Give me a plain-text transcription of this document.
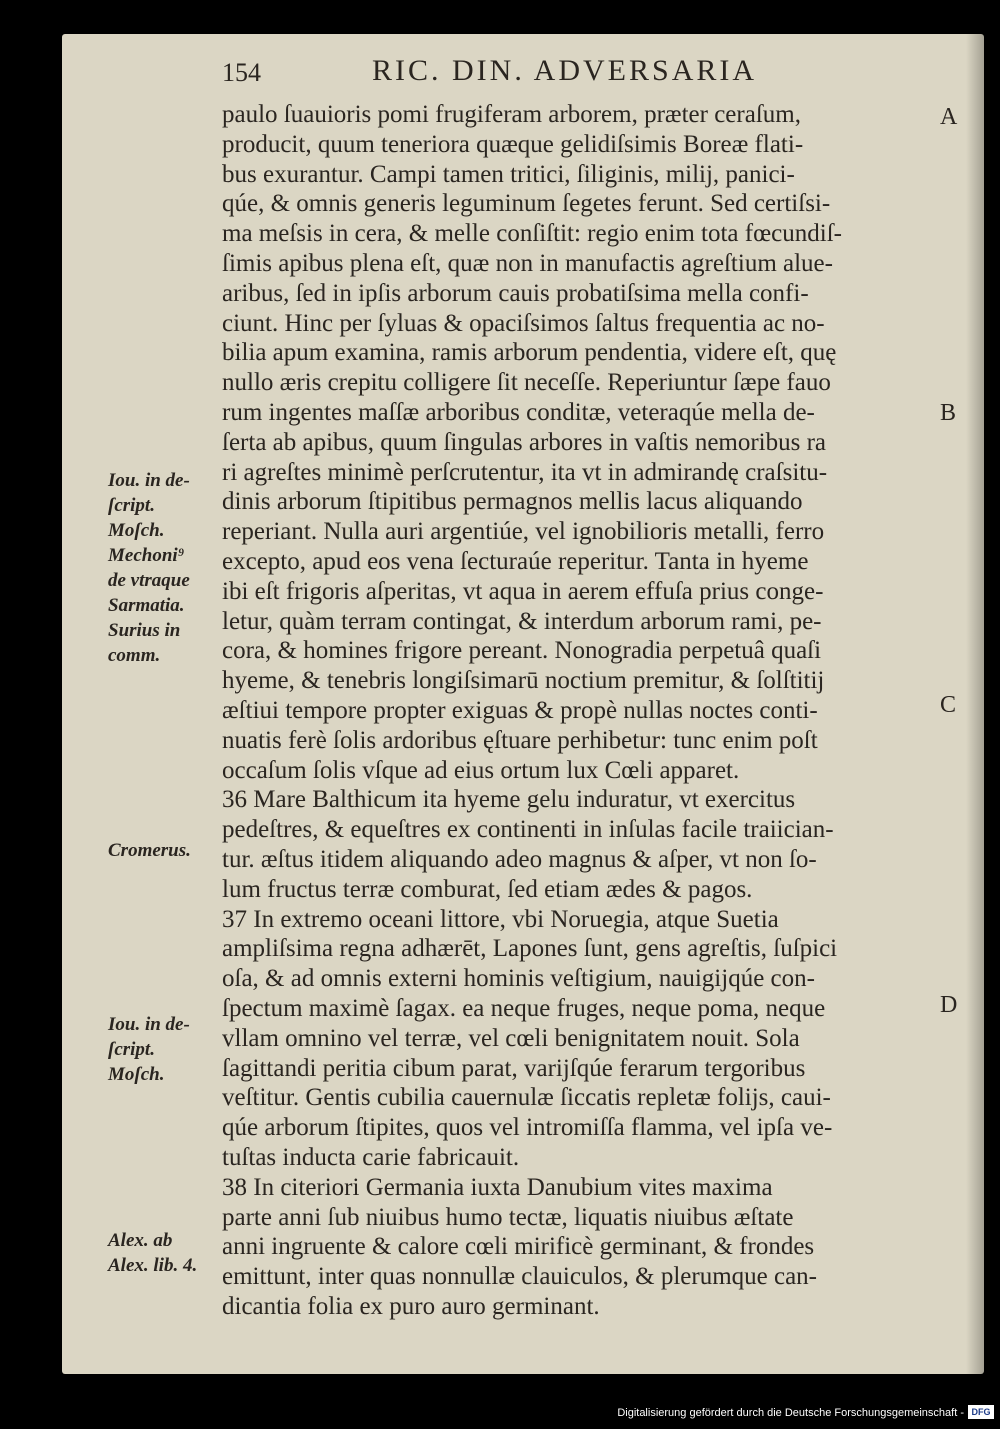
154	RIC. DIN. ADVERSARIA
paulo ſuauioris pomi frugiferam arborem, præter ceraſum,
producit, quum teneriora quæque gelidiſsimis Boreæ flati-
bus exurantur. Campi tamen tritici, ſiliginis, milij, panici-
qúe, & omnis generis leguminum ſegetes ferunt. Sed certiſsi-
ma meſsis in cera, & melle conſiſtit: regio enim tota fœcundiſ-
ſimis apibus plena eſt, quæ non in manufactis agreſtium alue-
aribus, ſed in ipſis arborum cauis probatiſsima mella confi-
ciunt. Hinc per ſyluas & opaciſsimos ſaltus frequentia ac no-
bilia apum examina, ramis arborum pendentia, videre eſt, quę
nullo æris crepitu colligere ſit neceſſe. Reperiuntur ſæpe fauo
rum ingentes maſſæ arboribus conditæ, veteraqúe mella de-
ſerta ab apibus, quum ſingulas arbores in vaſtis nemoribus ra
ri agreſtes minimè perſcrutentur, ita vt in admirandę craſsitu-
dinis arborum ſtipitibus permagnos mellis lacus aliquando
reperiant. Nulla auri argentiúe, vel ignobilioris metalli, ferro
excepto, apud eos vena ſecturaúe reperitur. Tanta in hyeme
ibi eſt frigoris aſperitas, vt aqua in aerem effuſa prius conge-
letur, quàm terram contingat, & interdum arborum rami, pe-
cora, & homines frigore pereant. Nonogradia perpetuâ quaſi
hyeme, & tenebris longiſsimarū noctium premitur, & ſolſtitij
æſtiui tempore propter exiguas & propè nullas noctes conti-
nuatis ferè ſolis ardoribus ęſtuare perhibetur: tunc enim poſt
occaſum ſolis vſque ad eius ortum lux Cœli apparet.
36 Mare Balthicum ita hyeme gelu induratur, vt exercitus
pedeſtres, & equeſtres ex continenti in inſulas facile traiician-
tur. æſtus itidem aliquando adeo magnus & aſper, vt non ſo-
lum fructus terræ comburat, ſed etiam ædes & pagos.
37 In extremo oceani littore, vbi Noruegia, atque Suetia
ampliſsima regna adhærēt, Lapones ſunt, gens agreſtis, ſuſpici
oſa, & ad omnis externi hominis veſtigium, nauigijqúe con-
ſpectum maximè ſagax. ea neque fruges, neque poma, neque
vllam omnino vel terræ, vel cœli benignitatem nouit. Sola
ſagittandi peritia cibum parat, varijſqúe ferarum tergoribus
veſtitur. Gentis cubilia cauernulæ ſiccatis repletæ folijs, caui-
qúe arborum ſtipites, quos vel intromiſſa flamma, vel ipſa ve-
tuſtas inducta carie fabricauit.
38 In citeriori Germania iuxta Danubium vites maxima
parte anni ſub niuibus humo tectæ, liquatis niuibus æſtate
anni ingruente & calore cœli mirificè germinant, & frondes
emittunt, inter quas nonnullæ clauiculos, & plerumque can-
dicantia folia ex puro auro germinant.
Iou. in de-
ſcript.
Moſch.
Mechoni⁹
de vtraque
Sarmatia.
Surius in
comm.
Cromerus.
Iou. in de-
ſcript.
Moſch.
Alex. ab
Alex. lib. 4.
A
B
C
D
Digitalisierung gefördert durch die Deutsche Forschungsgemeinschaft - DFG
